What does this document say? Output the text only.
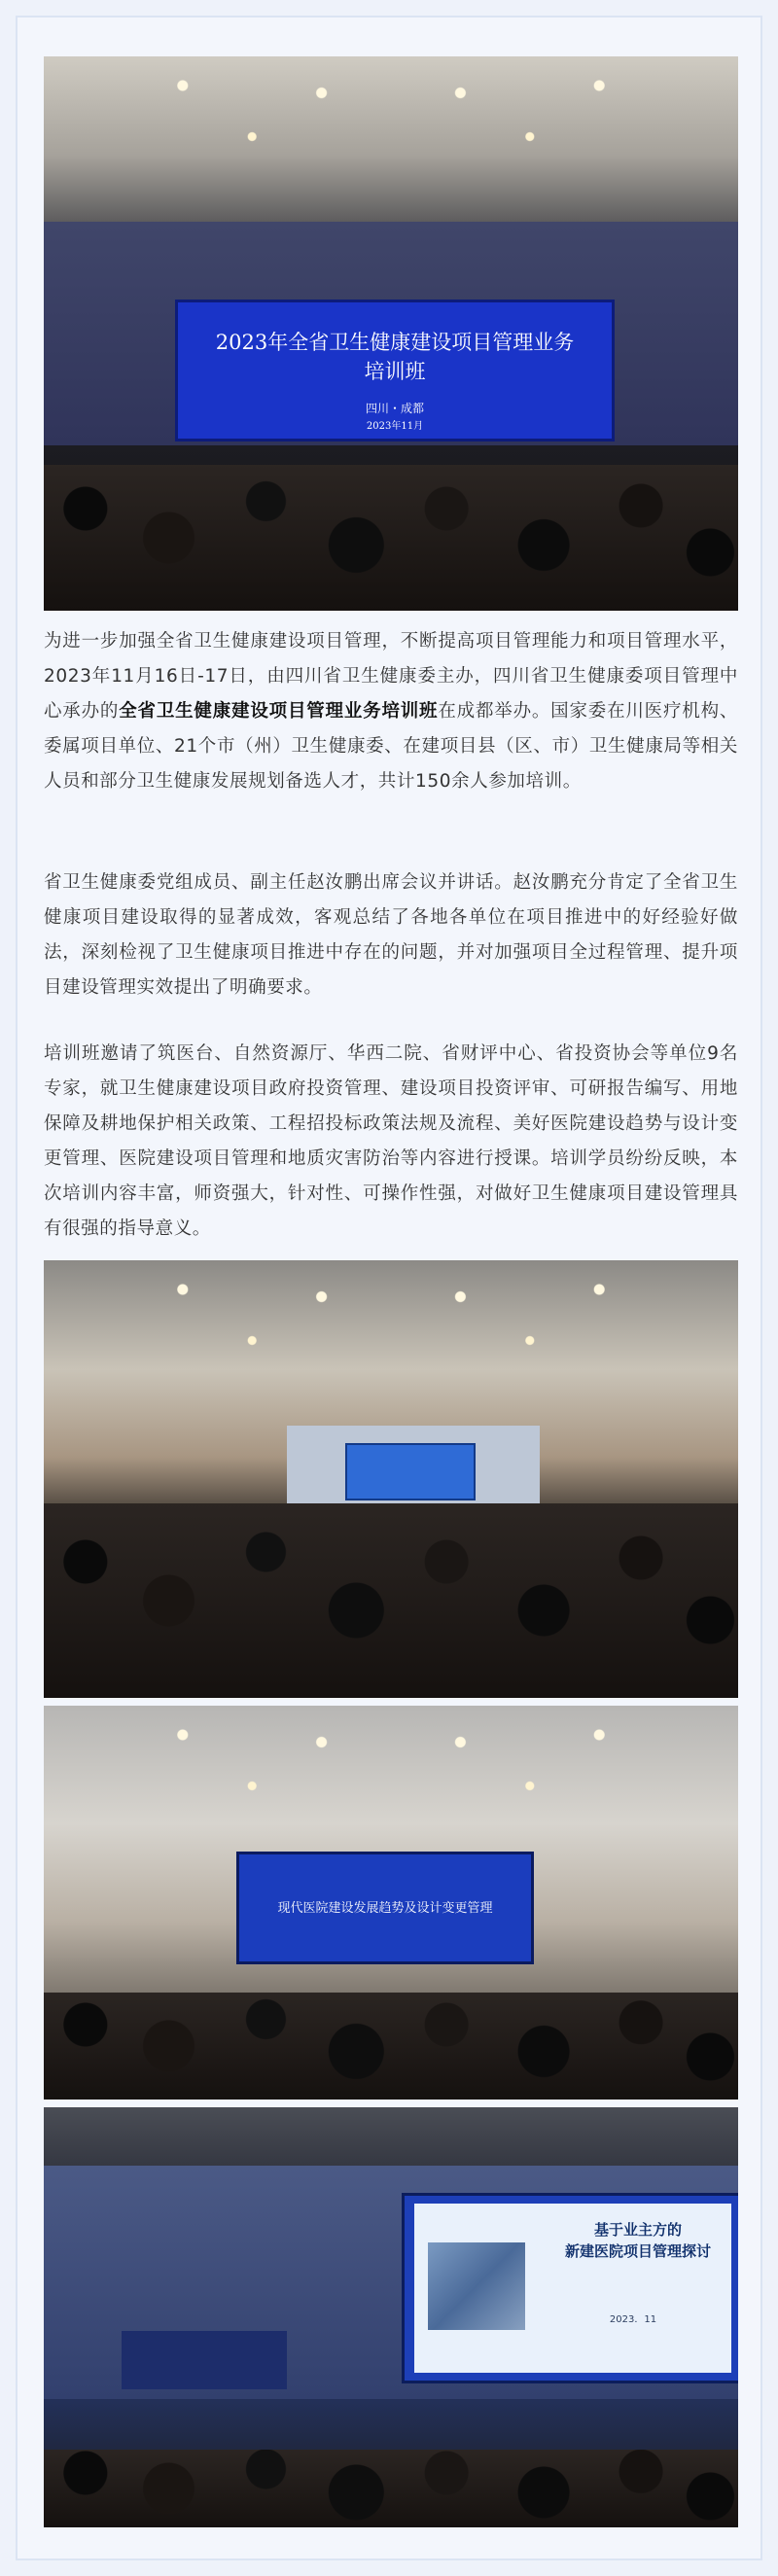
2023年全省卫生健康建设项目管理业务
培训班
四川・成都
2023年11月

为进一步加强全省卫生健康建设项目管理，不断提高项目管理能力和项目管理水平，2023年11月16日-17日，由四川省卫生健康委主办，四川省卫生健康委项目管理中心承办的全省卫生健康建设项目管理业务培训班在成都举办。国家委在川医疗机构、委属项目单位、21个市（州）卫生健康委、在建项目县（区、市）卫生健康局等相关人员和部分卫生健康发展规划备选人才，共计150余人参加培训。

省卫生健康委党组成员、副主任赵汝鹏出席会议并讲话。赵汝鹏充分肯定了全省卫生健康项目建设取得的显著成效，客观总结了各地各单位在项目推进中的好经验好做法，深刻检视了卫生健康项目推进中存在的问题，并对加强项目全过程管理、提升项目建设管理实效提出了明确要求。

培训班邀请了筑医台、自然资源厅、华西二院、省财评中心、省投资协会等单位9名专家，就卫生健康建设项目政府投资管理、建设项目投资评审、可研报告编写、用地保障及耕地保护相关政策、工程招投标政策法规及流程、美好医院建设趋势与设计变更管理、医院建设项目管理和地质灾害防治等内容进行授课。培训学员纷纷反映，本次培训内容丰富，师资强大，针对性、可操作性强，对做好卫生健康项目建设管理具有很强的指导意义。

现代医院建设发展趋势及设计变更管理
基于业主方的
新建医院项目管理探讨
2023．11
